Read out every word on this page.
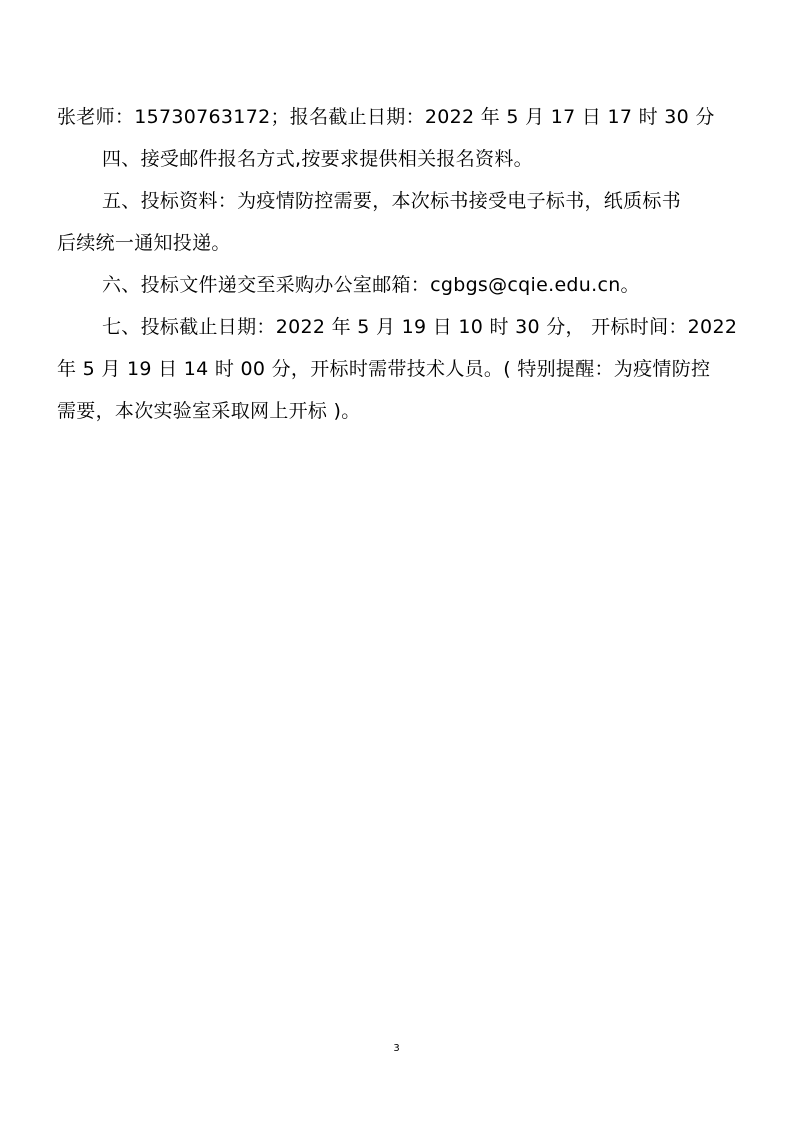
张老师：15730763172；报名截止日期：2022 年 5 月 17 日 17 时 30 分
四、接受邮件报名方式,按要求提供相关报名资料。
五、投标资料：为疫情防控需要，本次标书接受电子标书，纸质标书
后续统一通知投递。
六、投标文件递交至采购办公室邮箱：cgbgs@cqie.edu.cn。
七、投标截止日期：2022 年 5 月 19 日 10 时 30 分， 开标时间：2022
年 5 月 19 日 14 时 00 分，开标时需带技术人员。( 特别提醒：为疫情防控
需要，本次实验室采取网上开标 )。
3
